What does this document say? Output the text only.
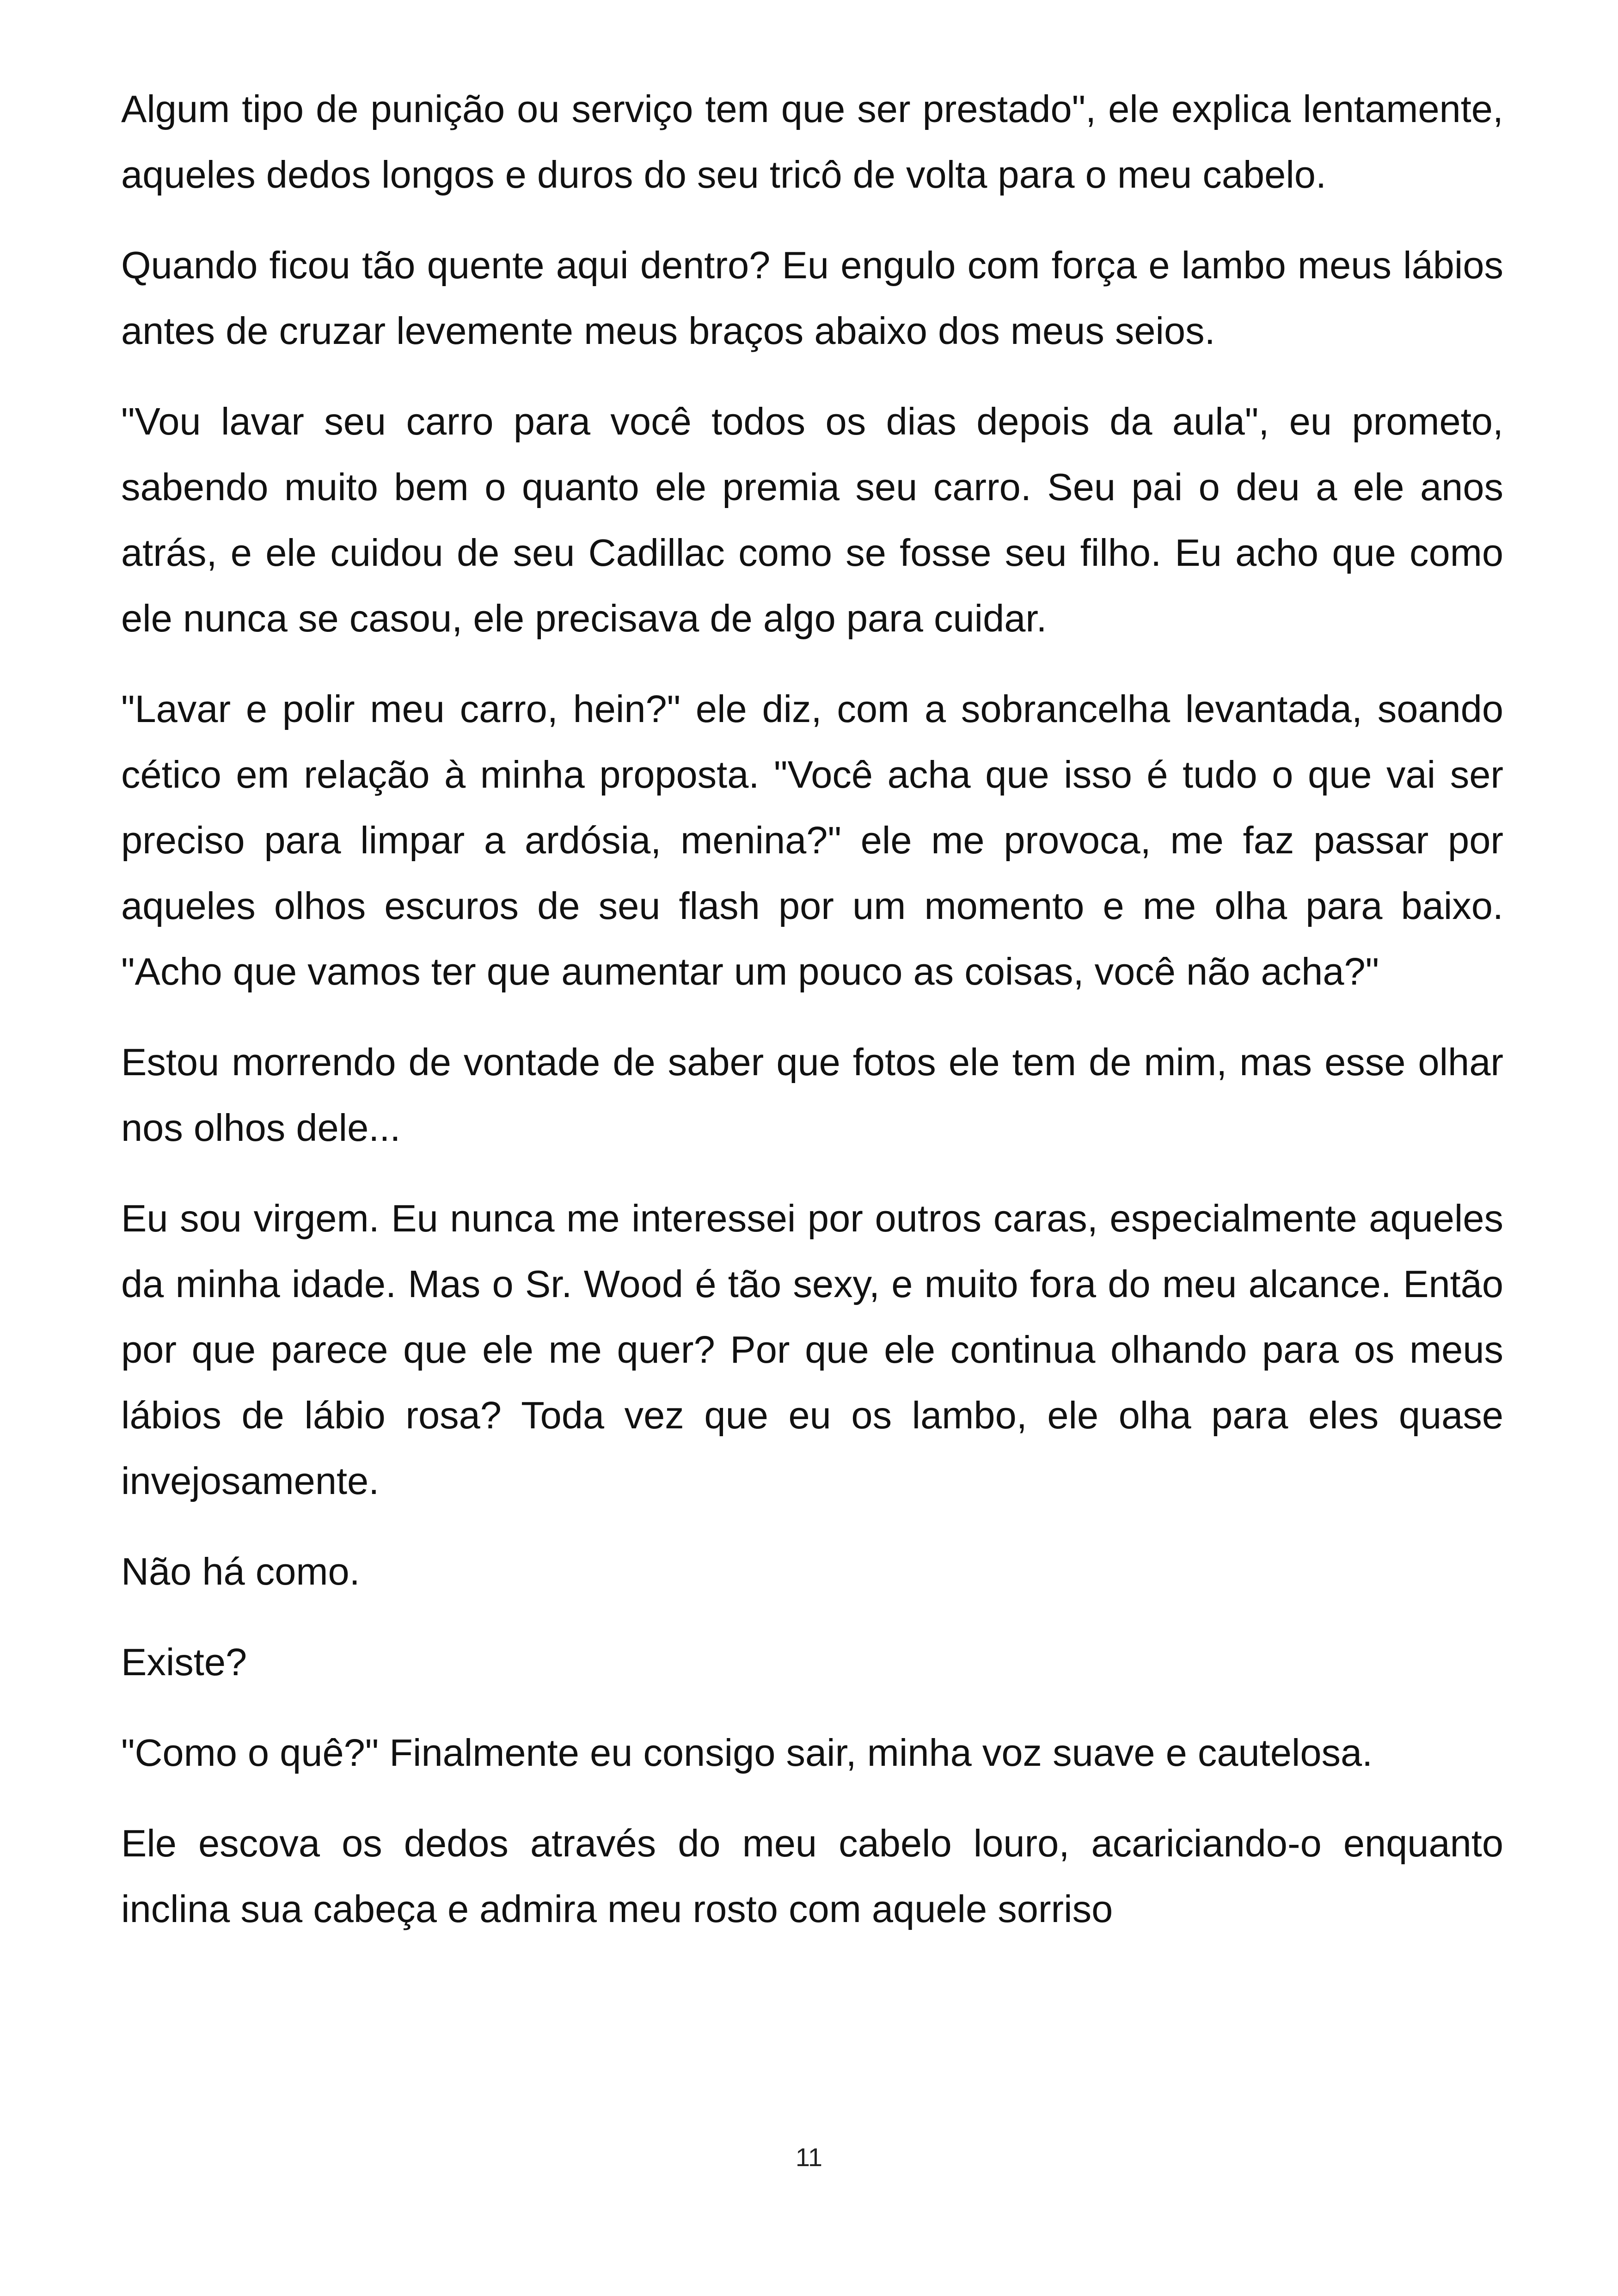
Algum tipo de punição ou serviço tem que ser prestado", ele explica lentamente, aqueles dedos longos e duros do seu tricô de volta para o meu cabelo.

Quando ficou tão quente aqui dentro? Eu engulo com força e lambo meus lábios antes de cruzar levemente meus braços abaixo dos meus seios.

"Vou lavar seu carro para você todos os dias depois da aula", eu prometo, sabendo muito bem o quanto ele premia seu carro. Seu pai o deu a ele anos atrás, e ele cuidou de seu Cadillac como se fosse seu filho. Eu acho que como ele nunca se casou, ele precisava de algo para cuidar.

"Lavar e polir meu carro, hein?" ele diz, com a sobrancelha levantada, soando cético em relação à minha proposta. "Você acha que isso é tudo o que vai ser preciso para limpar a ardósia, menina?" ele me provoca, me faz passar por aqueles olhos escuros de seu flash por um momento e me olha para baixo. "Acho que vamos ter que aumentar um pouco as coisas, você não acha?"

Estou morrendo de vontade de saber que fotos ele tem de mim, mas esse olhar nos olhos dele...

Eu sou virgem. Eu nunca me interessei por outros caras, especialmente aqueles da minha idade. Mas o Sr. Wood é tão sexy, e muito fora do meu alcance. Então por que parece que ele me quer? Por que ele continua olhando para os meus lábios de lábio rosa? Toda vez que eu os lambo, ele olha para eles quase invejosamente.

Não há como.

Existe?

"Como o quê?" Finalmente eu consigo sair, minha voz suave e cautelosa.

Ele escova os dedos através do meu cabelo louro, acariciando-o enquanto inclina sua cabeça e admira meu rosto com aquele sorriso

11
